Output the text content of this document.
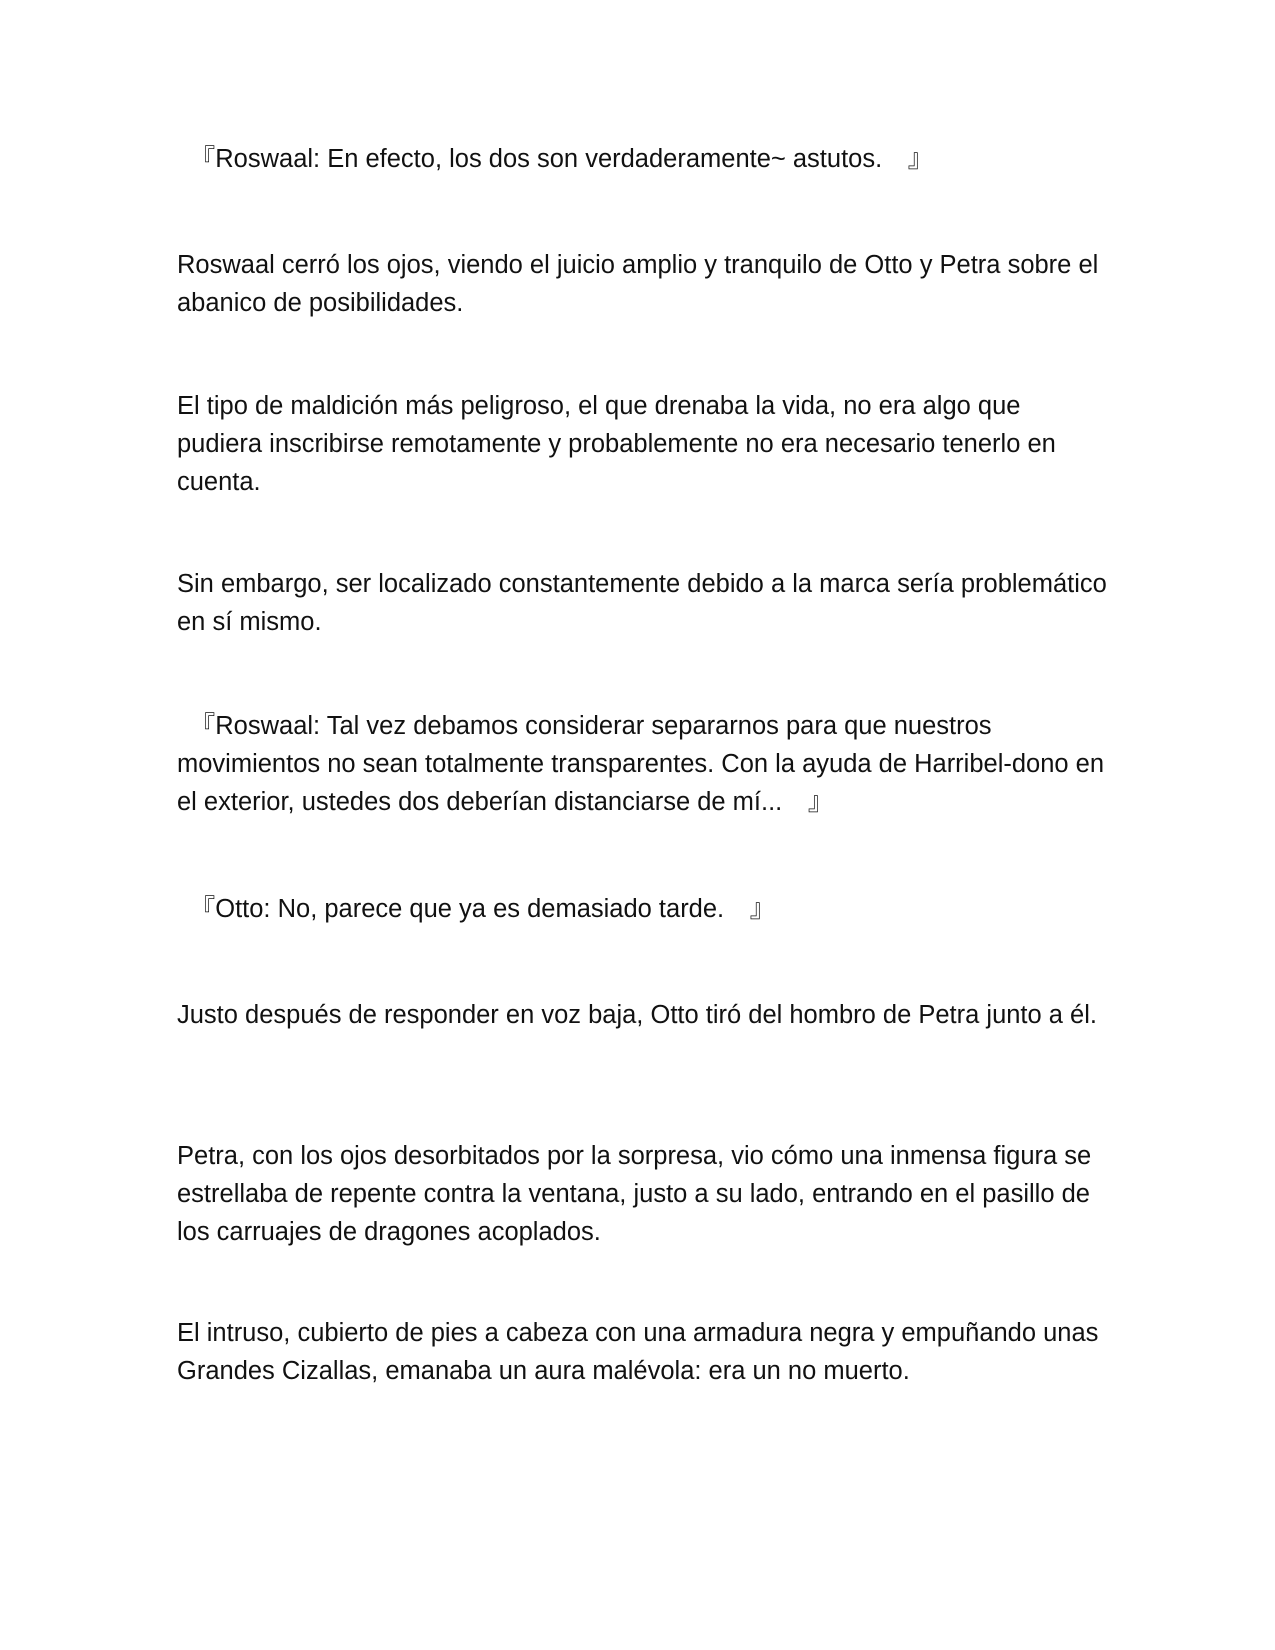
　『Roswaal: En efecto, los dos son verdaderamente~ astutos.　』

Roswaal cerró los ojos, viendo el juicio amplio y tranquilo de Otto y Petra sobre el abanico de posibilidades.

El tipo de maldición más peligroso, el que drenaba la vida, no era algo que pudiera inscribirse remotamente y probablemente no era necesario tenerlo en cuenta.

Sin embargo, ser localizado constantemente debido a la marca sería problemático en sí mismo.

　『Roswaal: Tal vez debamos considerar separarnos para que nuestros movimientos no sean totalmente transparentes. Con la ayuda de Harribel-dono en el exterior, ustedes dos deberían distanciarse de mí...　』

　『Otto: No, parece que ya es demasiado tarde.　』

Justo después de responder en voz baja, Otto tiró del hombro de Petra junto a él.

Petra, con los ojos desorbitados por la sorpresa, vio cómo una inmensa figura se estrellaba de repente contra la ventana, justo a su lado, entrando en el pasillo de los carruajes de dragones acoplados.

El intruso, cubierto de pies a cabeza con una armadura negra y empuñando unas Grandes Cizallas, emanaba un aura malévola: era un no muerto.
